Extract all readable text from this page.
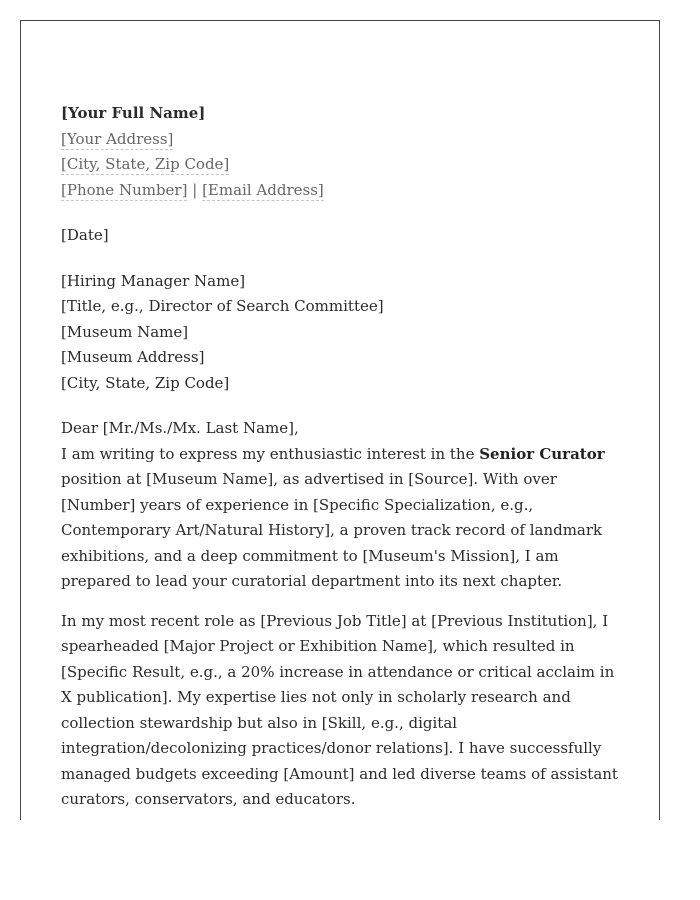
[Your Full Name]
[Your Address]
[City, State, Zip Code]
[Phone Number] | [Email Address]
[Date]
[Hiring Manager Name]
[Title, e.g., Director of Search Committee]
[Museum Name]
[Museum Address]
[City, State, Zip Code]
Dear [Mr./Ms./Mx. Last Name],

I am writing to express my enthusiastic interest in the Senior Curator position at [Museum Name], as advertised in [Source]. With over [Number] years of experience in [Specific Specialization, e.g., Contemporary Art/Natural History], a proven track record of landmark exhibitions, and a deep commitment to [Museum's Mission], I am prepared to lead your curatorial department into its next chapter.

In my most recent role as [Previous Job Title] at [Previous Institution], I spearheaded [Major Project or Exhibition Name], which resulted in [Specific Result, e.g., a 20% increase in attendance or critical acclaim in X publication]. My expertise lies not only in scholarly research and collection stewardship but also in [Skill, e.g., digital integration/decolonizing practices/donor relations]. I have successfully managed budgets exceeding [Amount] and led diverse teams of assistant curators, conservators, and educators.
